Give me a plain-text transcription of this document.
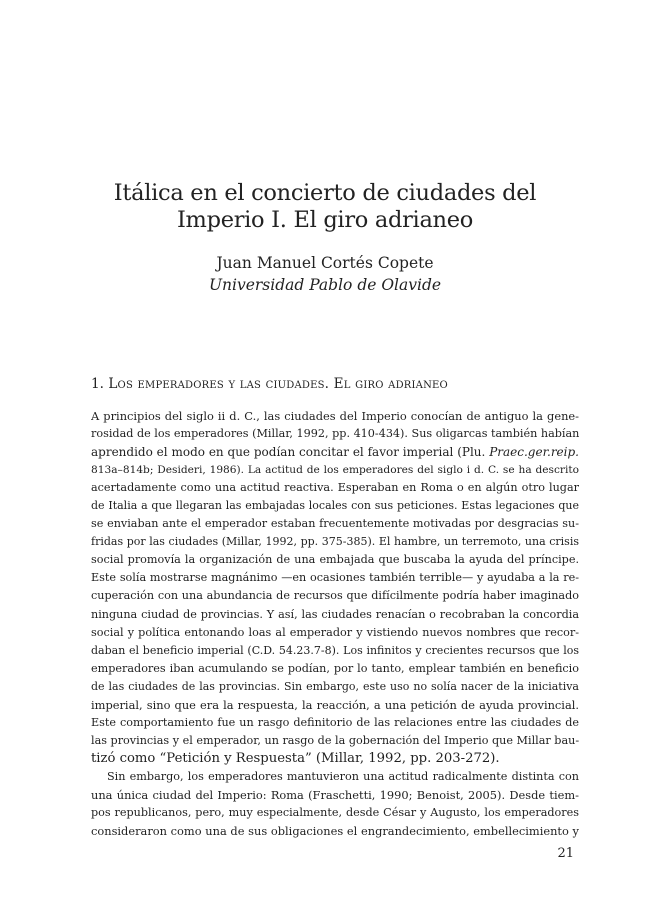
Itálica en el concierto de ciudades del
Imperio I. El giro adrianeo
Juan Manuel Cortés Copete
Universidad Pablo de Olavide
1. Los emperadores y las ciudades. El giro adrianeo
A principios del siglo ii d. C., las ciudades del Imperio conocían de antiguo la gene-
rosidad de los emperadores (Millar, 1992, pp. 410-434). Sus oligarcas también habían
aprendido el modo en que podían concitar el favor imperial (Plu. Praec.ger.reip.
813a–814b; Desideri, 1986). La actitud de los emperadores del siglo i d. C. se ha descrito
acertadamente como una actitud reactiva. Esperaban en Roma o en algún otro lugar
de Italia a que llegaran las embajadas locales con sus peticiones. Estas legaciones que
se enviaban ante el emperador estaban frecuentemente motivadas por desgracias su-
fridas por las ciudades (Millar, 1992, pp. 375-385). El hambre, un terremoto, una crisis
social promovía la organización de una embajada que buscaba la ayuda del príncipe.
Este solía mostrarse magnánimo —en ocasiones también terrible— y ayudaba a la re-
cuperación con una abundancia de recursos que difícilmente podría haber imaginado
ninguna ciudad de provincias. Y así, las ciudades renacían o recobraban la concordia
social y política entonando loas al emperador y vistiendo nuevos nombres que recor-
daban el beneficio imperial (C.D. 54.23.7-8). Los infinitos y crecientes recursos que los
emperadores iban acumulando se podían, por lo tanto, emplear también en beneficio
de las ciudades de las provincias. Sin embargo, este uso no solía nacer de la iniciativa
imperial, sino que era la respuesta, la reacción, a una petición de ayuda provincial.
Este comportamiento fue un rasgo definitorio de las relaciones entre las ciudades de
las provincias y el emperador, un rasgo de la gobernación del Imperio que Millar bau-
tizó como “Petición y Respuesta” (Millar, 1992, pp. 203-272).
Sin embargo, los emperadores mantuvieron una actitud radicalmente distinta con
una única ciudad del Imperio: Roma (Fraschetti, 1990; Benoist, 2005). Desde tiem-
pos republicanos, pero, muy especialmente, desde César y Augusto, los emperadores
consideraron como una de sus obligaciones el engrandecimiento, embellecimiento y
21
